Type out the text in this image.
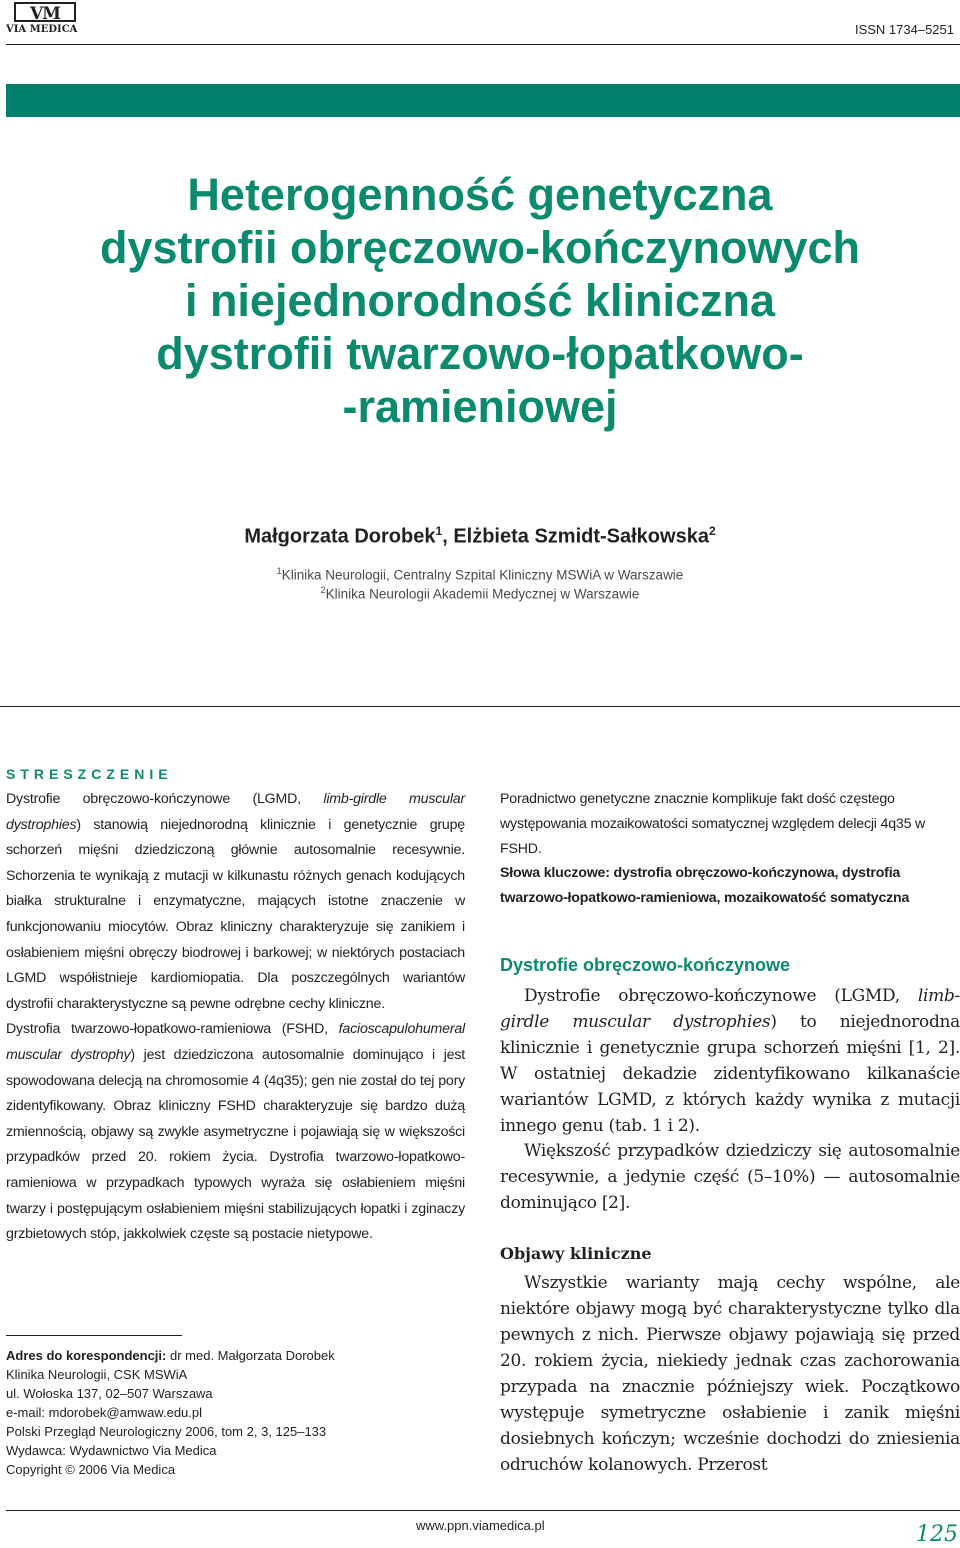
VM
VIA MEDICA	ISSN 1734–5251
Heterogenność genetyczna
dystrofii obręczowo-kończynowych
i niejednorodność kliniczna
dystrofii twarzowo-łopatkowo-
-ramieniowej
Małgorzata Dorobek$^1$, Elżbieta Szmidt-Sałkowska$^2$
$^1$Klinika Neurologii, Centralny Szpital Kliniczny MSWiA w Warszawie
$^2$Klinika Neurologii Akademii Medycznej w Warszawie
STRESZCZENIE

Dystrofie obręczowo-kończynowe (LGMD, limb-girdle muscular dystrophies) stanowią niejednorodną klinicznie i genetycznie grupę schorzeń mięśni dziedziczoną głównie autosomalnie recesywnie. Schorzenia te wynikają z mutacji w kilkunastu różnych genach kodujących białka strukturalne i enzymatyczne, mających istotne znaczenie w funkcjonowaniu miocytów. Obraz kliniczny charakteryzuje się zanikiem i osłabieniem mięśni obręczy biodrowej i barkowej; w niektórych postaciach LGMD współistnieje kardiomiopatia. Dla poszczególnych wariantów dystrofii charakterystyczne są pewne odrębne cechy kliniczne.

Dystrofia twarzowo-łopatkowo-ramieniowa (FSHD, facioscapulohumeral muscular dystrophy) jest dziedziczona autosomalnie dominująco i jest spowodowana delecją na chromosomie 4 (4q35); gen nie został do tej pory zidentyfikowany. Obraz kliniczny FSHD charakteryzuje się bardzo dużą zmiennością, objawy są zwykle asymetryczne i pojawiają się w większości przypadków przed 20. rokiem życia. Dystrofia twarzowo-łopatkowo-ramieniowa w przypadkach typowych wyraża się osłabieniem mięśni twarzy i postępującym osłabieniem mięśni stabilizujących łopatki i zginaczy grzbietowych stóp, jakkolwiek częste są postacie nietypowe.

Adres do korespondencji: dr med. Małgorzata Dorobek
Klinika Neurologii, CSK MSWiA
ul. Wołoska 137, 02–507 Warszawa
e-mail: mdorobek@amwaw.edu.pl
Polski Przegląd Neurologiczny 2006, tom 2, 3, 125–133
Wydawca: Wydawnictwo Via Medica
Copyright © 2006 Via Medica
Poradnictwo genetyczne znacznie komplikuje fakt dość częstego występowania mozaikowatości somatycznej względem delecji 4q35 w FSHD.
Słowa kluczowe: dystrofia obręczowo-kończynowa, dystrofia twarzowo-łopatkowo-ramieniowa, mozaikowatość somatyczna
Dystrofie obręczowo-kończynowe

Dystrofie obręczowo-kończynowe (LGMD, limb-girdle muscular dystrophies) to niejednorodna klinicznie i genetycznie grupa schorzeń mięśni [1, 2]. W ostatniej dekadzie zidentyfikowano kilkanaście wariantów LGMD, z których każdy wynika z mutacji innego genu (tab. 1 i 2).

Większość przypadków dziedziczy się autosomalnie recesywnie, a jedynie część (5–10%) — autosomalnie dominująco [2].

Objawy kliniczne

Wszystkie warianty mają cechy wspólne, ale niektóre objawy mogą być charakterystyczne tylko dla pewnych z nich. Pierwsze objawy pojawiają się przed 20. rokiem życia, niekiedy jednak czas zachorowania przypada na znacznie późniejszy wiek. Początkowo występuje symetryczne osłabienie i zanik mięśni dosiebnych kończyn; wcześnie dochodzi do zniesienia odruchów kolanowych. Przerost

www.ppn.viamedica.pl	125
